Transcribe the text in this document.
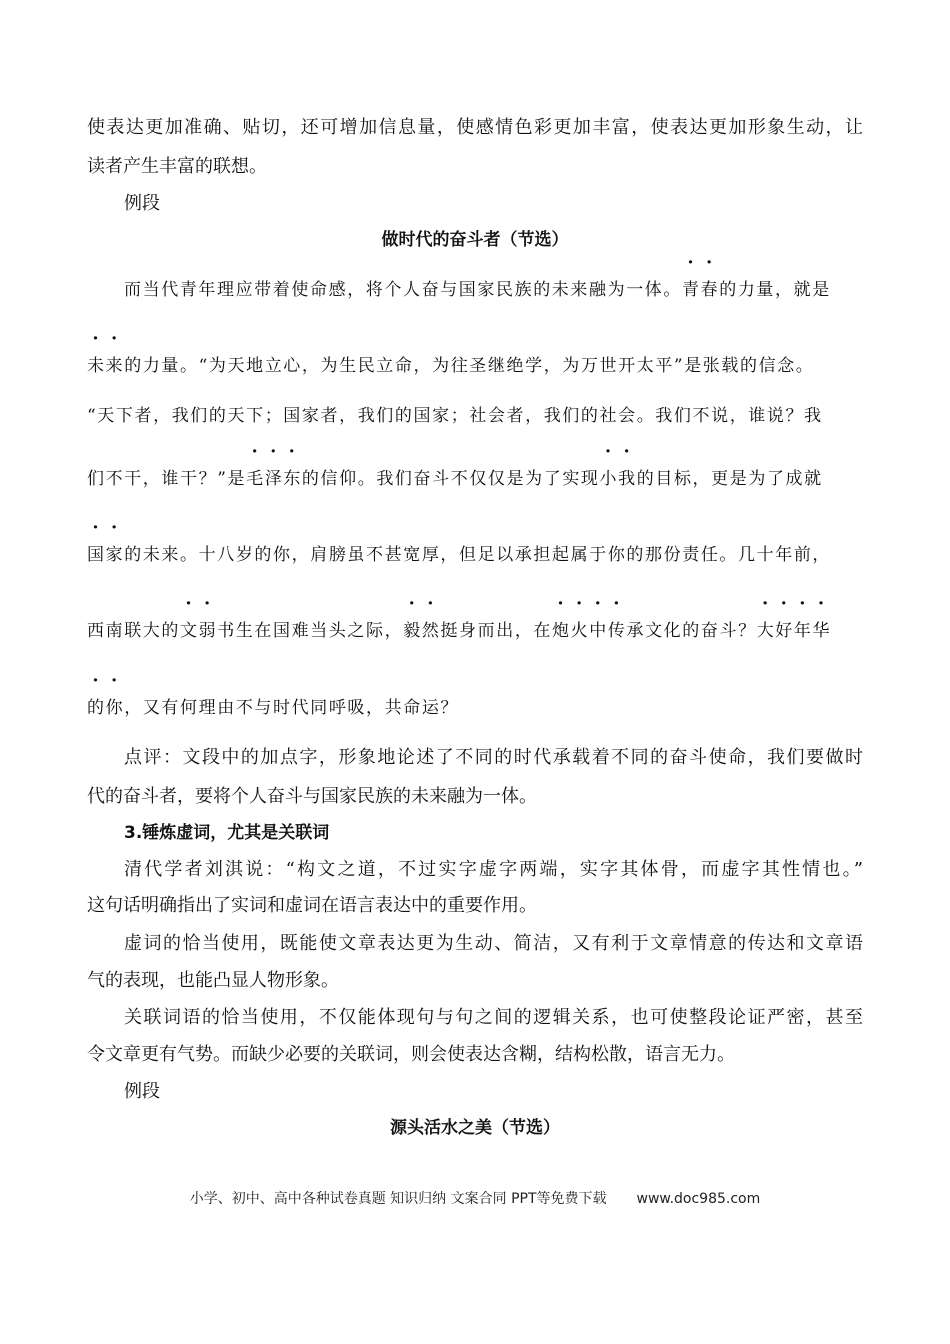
使表达更加准确、贴切，还可增加信息量，使感情色彩更加丰富，使表达更加形象生动，让
读者产生丰富的联想。
例段
做时代的奋斗者（节选）
而当代青年理应带着使命感，将个人奋与国家民族的未来融为一体。青春的力量，就是
未来的力量。“为天地立心，为生民立命，为往圣继绝学，为万世开太平”是张载的信念。
“天下者，我们的天下；国家者，我们的国家；社会者，我们的社会。我们不说，谁说？我
们不干，谁干？”是毛泽东的信仰。我们奋斗不仅仅是为了实现小我的目标，更是为了成就
国家的未来。十八岁的你，肩膀虽不甚宽厚，但足以承担起属于你的那份责任。几十年前，
西南联大的文弱书生在国难当头之际，毅然挺身而出，在炮火中传承文化的奋斗？大好年华
的你，又有何理由不与时代同呼吸，共命运？
点评：文段中的加点字，形象地论述了不同的时代承载着不同的奋斗使命，我们要做时
代的奋斗者，要将个人奋斗与国家民族的未来融为一体。
3.锤炼虚词，尤其是关联词
清代学者刘淇说：“构文之道，不过实字虚字两端，实字其体骨，而虚字其性情也。”
这句话明确指出了实词和虚词在语言表达中的重要作用。
虚词的恰当使用，既能使文章表达更为生动、简洁，又有利于文章情意的传达和文章语
气的表现，也能凸显人物形象。
关联词语的恰当使用，不仅能体现句与句之间的逻辑关系，也可使整段论证严密，甚至
令文章更有气势。而缺少必要的关联词，则会使表达含糊，结构松散，语言无力。
例段
源头活水之美（节选）
小学、初中、高中各种试卷真题 知识归纳 文案合同 PPT等免费下载 www.doc985.com
